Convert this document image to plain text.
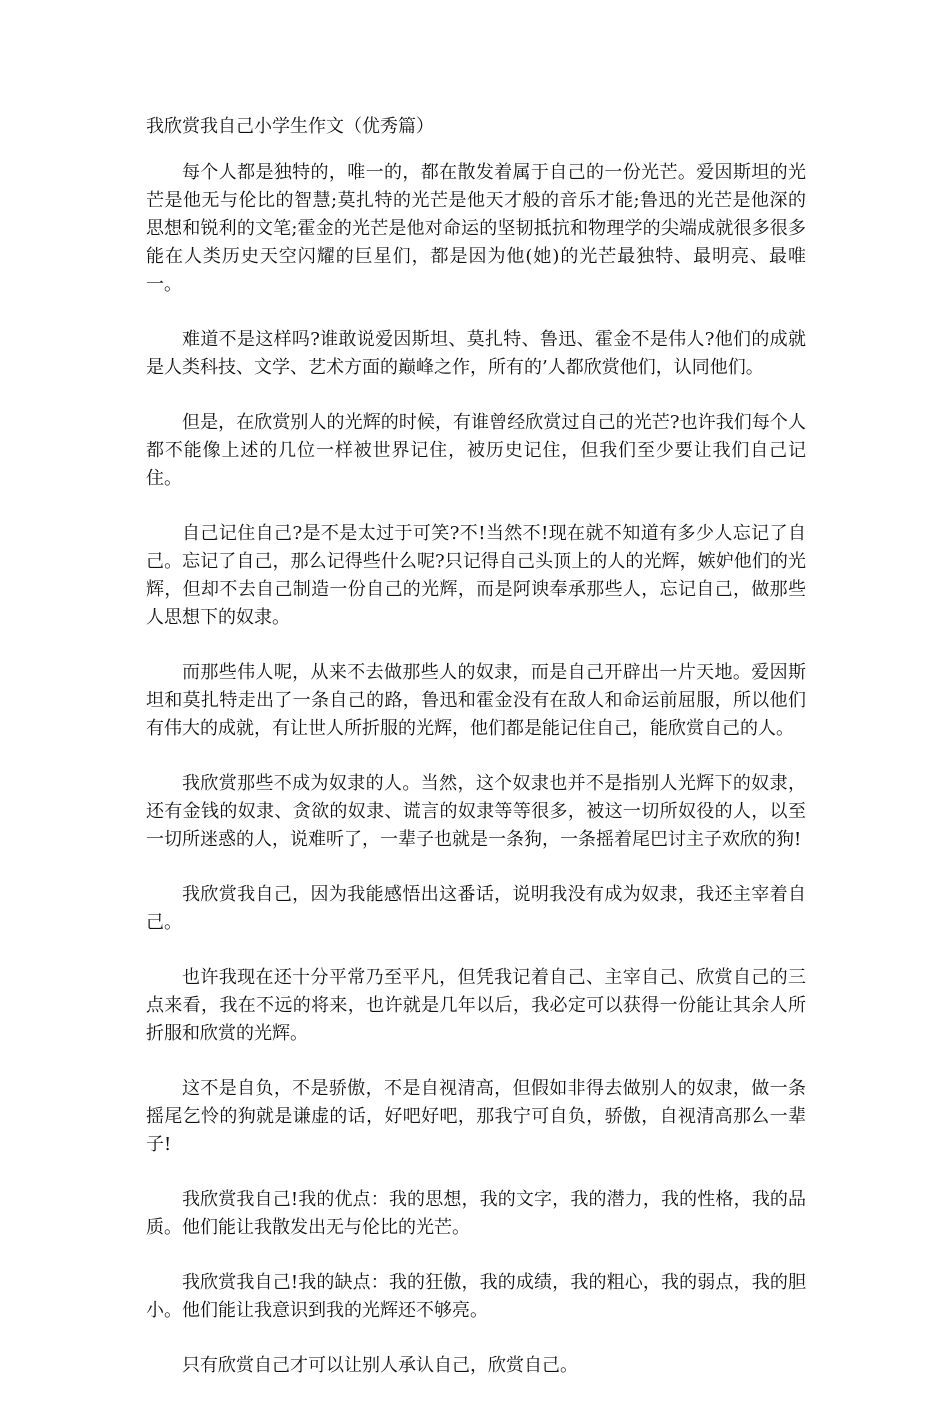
我欣赏我自己小学生作文（优秀篇）

每个人都是独特的，唯一的，都在散发着属于自己的一份光芒。爱因斯坦的光芒是他无与伦比的智慧;莫扎特的光芒是他天才般的音乐才能;鲁迅的光芒是他深的思想和锐利的文笔;霍金的光芒是他对命运的坚韧抵抗和物理学的尖端成就很多很多能在人类历史天空闪耀的巨星们，都是因为他(她)的光芒最独特、最明亮、最唯一。

难道不是这样吗?谁敢说爱因斯坦、莫扎特、鲁迅、霍金不是伟人?他们的成就是人类科技、文学、艺术方面的巅峰之作，所有的’人都欣赏他们，认同他们。

但是，在欣赏别人的光辉的时候，有谁曾经欣赏过自己的光芒?也许我们每个人都不能像上述的几位一样被世界记住，被历史记住，但我们至少要让我们自己记住。

自己记住自己?是不是太过于可笑?不!当然不!现在就不知道有多少人忘记了自己。忘记了自己，那么记得些什么呢?只记得自己头顶上的人的光辉，嫉妒他们的光辉，但却不去自己制造一份自己的光辉，而是阿谀奉承那些人，忘记自己，做那些人思想下的奴隶。

而那些伟人呢，从来不去做那些人的奴隶，而是自己开辟出一片天地。爱因斯坦和莫扎特走出了一条自己的路，鲁迅和霍金没有在敌人和命运前屈服，所以他们有伟大的成就，有让世人所折服的光辉，他们都是能记住自己，能欣赏自己的人。

我欣赏那些不成为奴隶的人。当然，这个奴隶也并不是指别人光辉下的奴隶，还有金钱的奴隶、贪欲的奴隶、谎言的奴隶等等很多，被这一切所奴役的人，以至一切所迷惑的人，说难听了，一辈子也就是一条狗，一条摇着尾巴讨主子欢欣的狗!

我欣赏我自己，因为我能感悟出这番话，说明我没有成为奴隶，我还主宰着自己。

也许我现在还十分平常乃至平凡，但凭我记着自己、主宰自己、欣赏自己的三点来看，我在不远的将来，也许就是几年以后，我必定可以获得一份能让其余人所折服和欣赏的光辉。

这不是自负，不是骄傲，不是自视清高，但假如非得去做别人的奴隶，做一条摇尾乞怜的狗就是谦虚的话，好吧好吧，那我宁可自负，骄傲，自视清高那么一辈子!

我欣赏我自己!我的优点：我的思想，我的文字，我的潜力，我的性格，我的品质。他们能让我散发出无与伦比的光芒。

我欣赏我自己!我的缺点：我的狂傲，我的成绩，我的粗心，我的弱点，我的胆小。他们能让我意识到我的光辉还不够亮。

只有欣赏自己才可以让别人承认自己，欣赏自己。
